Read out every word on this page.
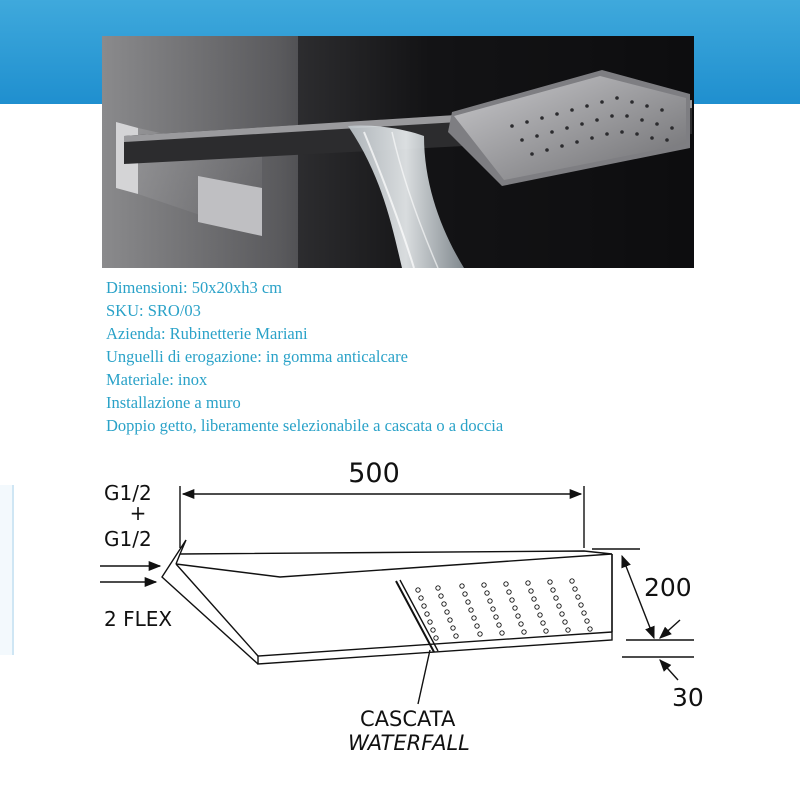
Dimensioni: 50x20xh3 cm
SKU: SRO/03
Azienda: Rubinetterie Mariani
Unguelli di erogazione: in gomma anticalcare
Materiale: inox
Installazione a muro
Doppio getto, liberamente selezionabile a cascata o a doccia
500
G1/2
+
G1/2
2 FLEX
200
30
CASCATA
WATERFALL
